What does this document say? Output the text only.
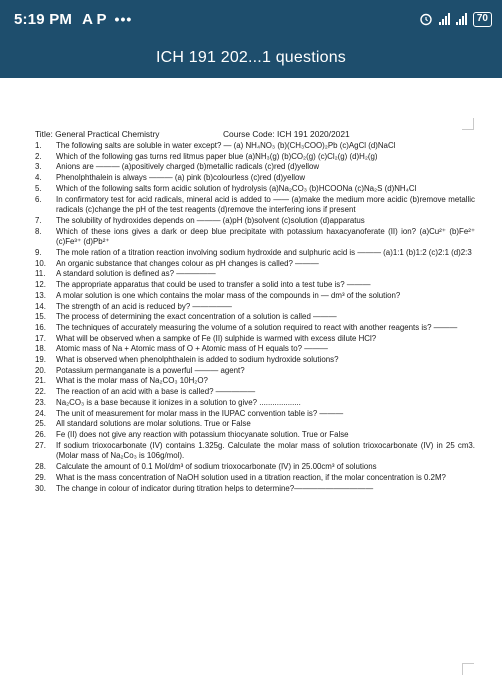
5:19 PM A P •••	70
ICH 191 202...1 questions
Title: General Practical Chemistry	Course Code: ICH 191 2020/2021
1.	The following salts are soluble in water except? — (a) NH₄NO₃ (b)(CH₃COO)₂Pb (c)AgCl (d)NaCl
2.	Which of the following gas turns red litmus paper blue (a)NH₃(g) (b)CO₂(g) (c)Cl₂(g) (d)H₂(g)
3.	Anions are ——— (a)positively charged (b)metallic radicals (c)red (d)yellow
4.	Phenolphthalein is always ——— (a) pink (b)colourless (c)red (d)yellow
5.	Which of the following salts form acidic solution of hydrolysis (a)Na₂CO₃ (b)HCOONa (c)Na₂S (d)NH₄Cl
6.	In confirmatory test for acid radicals, mineral acid is added to —— (a)make the medium more acidic (b)remove metallic radicals (c)change the pH of the test reagents (d)remove the interfering ions if present
7.	The solubility of hydroxides depends on ——— (a)pH (b)solvent (c)solution (d)apparatus
8.	Which of these ions gives a dark or deep blue precipitate with potassium haxacyanoferate (II) ion? (a)Cu²⁺ (b)Fe²⁺ (c)Fe³⁺ (d)Pb²⁺
9.	The mole ration of a titration reaction involving sodium hydroxide and sulphuric acid is ——— (a)1:1 (b)1:2 (c)2:1 (d)2:3
10.	An organic substance that changes colour as pH changes is called? ———
11.	A standard solution is defined as? —————
12.	The appropriate apparatus that could be used to transfer a solid into a test tube is? ———
13.	A molar solution is one which contains the molar mass of the compounds in — dm³ of the solution?
14.	The strength of an acid is reduced by? —————
15.	The process of determining the exact concentration of a solution is called ———
16.	The techniques of accurately measuring the volume of a solution required to react with another reagents is? ———
17.	What will be observed when a sampke of Fe (II) sulphide is warmed with excess dilute HCl?
18.	Atomic mass of Na + Atomic mass of O + Atomic mass of H equals to? ———
19.	What is observed when phenolphthalein is added to sodium hydroxide solutions?
20.	Potassium permanganate is a powerful ——— agent?
21.	What is the molar mass of Na₂CO₃ 10H₂O?
22.	The reaction of an acid with a base is called? —————
23.	Na₂CO₃ is a base because it ionizes in a solution to give? ...................
24.	The unit of measurement for molar mass in the IUPAC convention table is? ———
25.	All standard solutions are molar solutions. True or False
26.	Fe (II) does not give any reaction with potassium thiocyanate solution. True or False
27.	If sodium trioxocarbonate (IV) contains 1.325g. Calculate the molar mass of solution trioxocarbonate (IV) in 25 cm3. (Molar mass of Na₂Co₃ is 106g/mol).
28.	Calculate the amount of 0.1 Mol/dm³ of sodium trioxocarbonate (IV) in 25.00cm³ of solutions
29.	What is the mass concentration of NaOH solution used in a titration reaction, if the molar concentration is 0.2M?
30.	The change in colour of indicator during titration helps to determine?——————————
